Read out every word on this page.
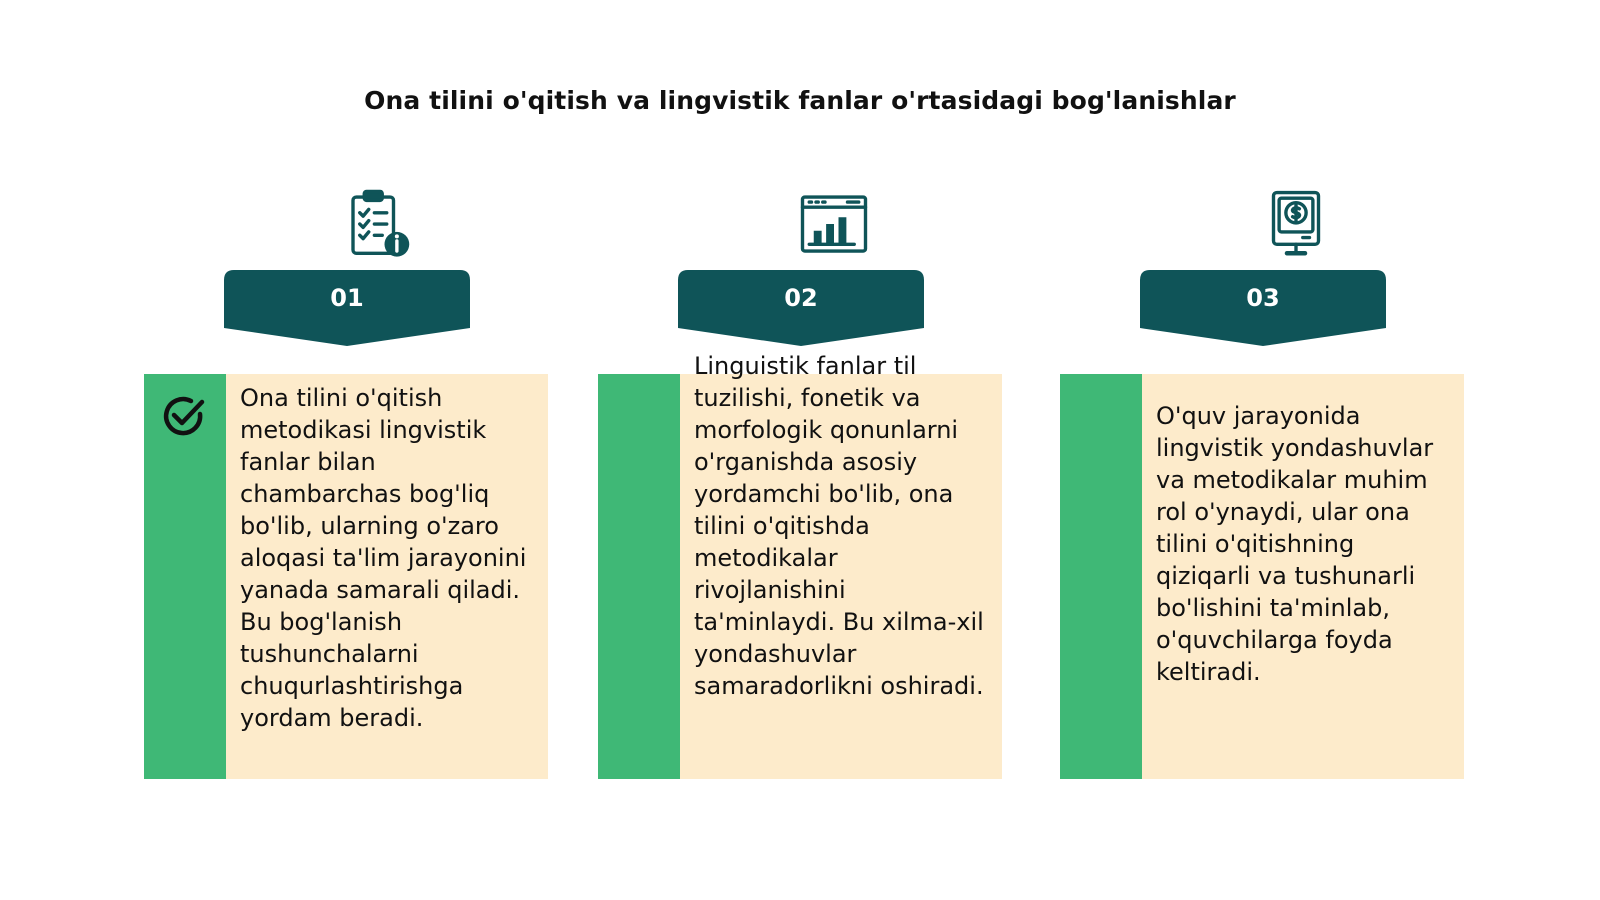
Ona tilini o'qitish va lingvistik fanlar o'rtasidagi bog'lanishlar
01
Ona tilini o'qitish metodikasi lingvistik fanlar bilan chambarchas bog'liq bo'lib, ularning o'zaro aloqasi ta'lim jarayonini yanada samarali qiladi. Bu bog'lanish tushunchalarni chuqurlashtirishga yordam beradi.
02
Linguistik fanlar til tuzilishi, fonetik va morfologik qonunlarni o'rganishda asosiy yordamchi bo'lib, ona tilini o'qitishda metodikalar rivojlanishini ta'minlaydi. Bu xilma-xil yondashuvlar samaradorlikni oshiradi.
03
O'quv jarayonida lingvistik yondashuvlar va metodikalar muhim rol o'ynaydi, ular ona tilini o'qitishning qiziqarli va tushunarli bo'lishini ta'minlab, o'quvchilarga foyda keltiradi.
